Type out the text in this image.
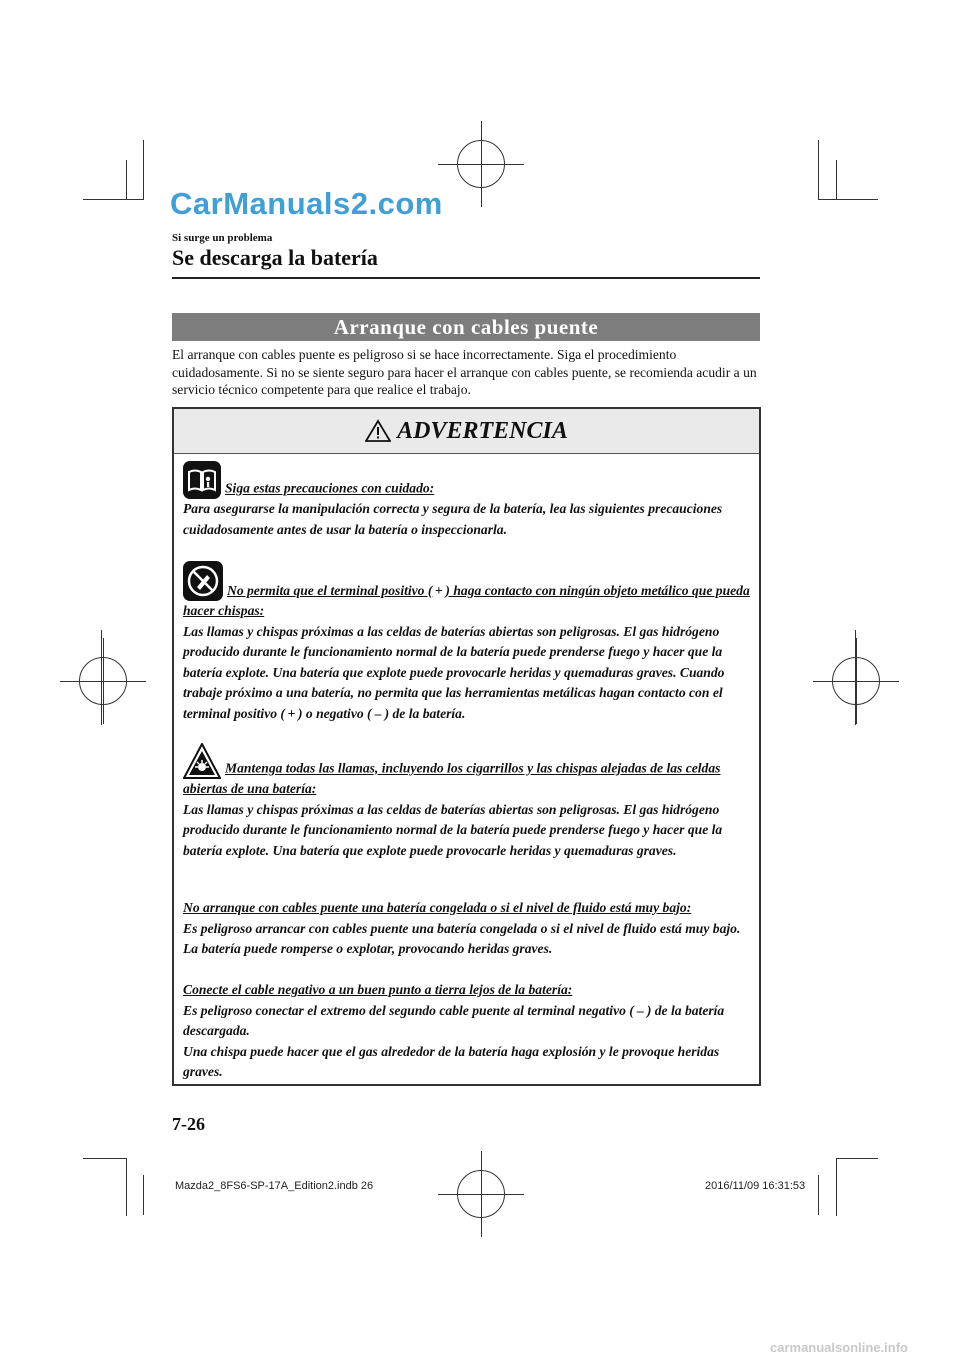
CarManuals2.com
Si surge un problema
Se descarga la batería
Arranque con cables puente
El arranque con cables puente es peligroso si se hace incorrectamente. Siga el procedimiento cuidadosamente. Si no se siente seguro para hacer el arranque con cables puente, se recomienda acudir a un servicio técnico competente para que realice el trabajo.
ADVERTENCIA
Siga estas precauciones con cuidado:
Para asegurarse la manipulación correcta y segura de la batería, lea las siguientes precauciones cuidadosamente antes de usar la batería o inspeccionarla.
No permita que el terminal positivo ( + ) haga contacto con ningún objeto metálico que pueda hacer chispas:
Las llamas y chispas próximas a las celdas de baterías abiertas son peligrosas. El gas hidrógeno producido durante le funcionamiento normal de la batería puede prenderse fuego y hacer que la batería explote. Una batería que explote puede provocarle heridas y quemaduras graves. Cuando trabaje próximo a una batería, no permita que las herramientas metálicas hagan contacto con el terminal positivo ( + ) o negativo ( – ) de la batería.
Mantenga todas las llamas, incluyendo los cigarrillos y las chispas alejadas de las celdas abiertas de una batería:
Las llamas y chispas próximas a las celdas de baterías abiertas son peligrosas. El gas hidrógeno producido durante le funcionamiento normal de la batería puede prenderse fuego y hacer que la batería explote. Una batería que explote puede provocarle heridas y quemaduras graves.
No arranque con cables puente una batería congelada o si el nivel de fluido está muy bajo:
Es peligroso arrancar con cables puente una batería congelada o si el nivel de fluido está muy bajo. La batería puede romperse o explotar, provocando heridas graves.
Conecte el cable negativo a un buen punto a tierra lejos de la batería:
Es peligroso conectar el extremo del segundo cable puente al terminal negativo ( – ) de la batería descargada.
Una chispa puede hacer que el gas alrededor de la batería haga explosión y le provoque heridas graves.
7-26
Mazda2_8FS6-SP-17A_Edition2.indb 26	2016/11/09 16:31:53
carmanualsonline.info
